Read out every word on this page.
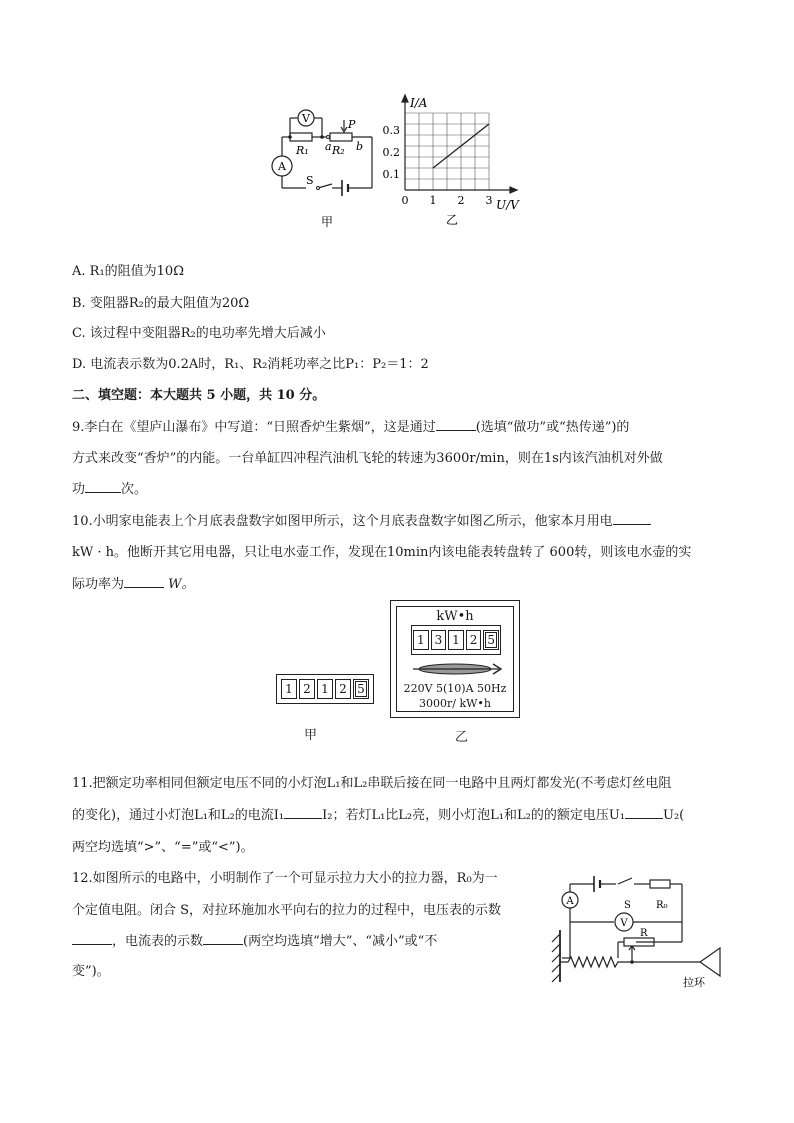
V
A
R₁ a R₂ b
P
S
甲
I/A
U/V
0.3
0.2
0.1
0 1 2 3
乙
A. R₁的阻值为10Ω
B. 变阻器R₂的最大阻值为20Ω
C. 该过程中变阻器R₂的电功率先增大后减小
D. 电流表示数为0.2A时，R₁、R₂消耗功率之比P₁：P₂＝1：2
二、填空题：本大题共 5 小题，共 10 分。
9.李白在《望庐山瀑布》中写道：“日照香炉生紫烟”，这是通过	(选填“做功”或“热传递”)的
方式来改变“香炉”的内能。一台单缸四冲程汽油机飞轮的转速为3600r/min，则在1s内该汽油机对外做
功	次。
10.小明家电能表上个月底表盘数字如图甲所示，这个月底表盘数字如图乙所示，他家本月用电
kW · h。他断开其它用电器，只让电水壶工作，发现在10min内该电能表转盘转了 600转，则该电水壶的实
际功率为	W。
1 2 1 2 5
甲
kW•h
1 3 1 2 5
220V 5(10)A 50Hz
3000r/ kW•h
乙
11.把额定功率相同但额定电压不同的小灯泡L₁和L₂串联后接在同一电路中且两灯都发光(不考虑灯丝电阻
的变化)，通过小灯泡L₁和L₂的电流I₁	I₂；若灯L₁比L₂亮，则小灯泡L₁和L₂的的额定电压U₁	U₂(
两空均选填“>”、“=”或“<”)。
12.如图所示的电路中，小明制作了一个可显示拉力大小的拉力器，R₀为一
个定值电阻。闭合 S，对拉环施加水平向右的拉力的过程中，电压表的示数
，电流表的示数	(两空均选填“增大”、“减小”或“不
变”)。
A
V
S	R₀
R
拉环
